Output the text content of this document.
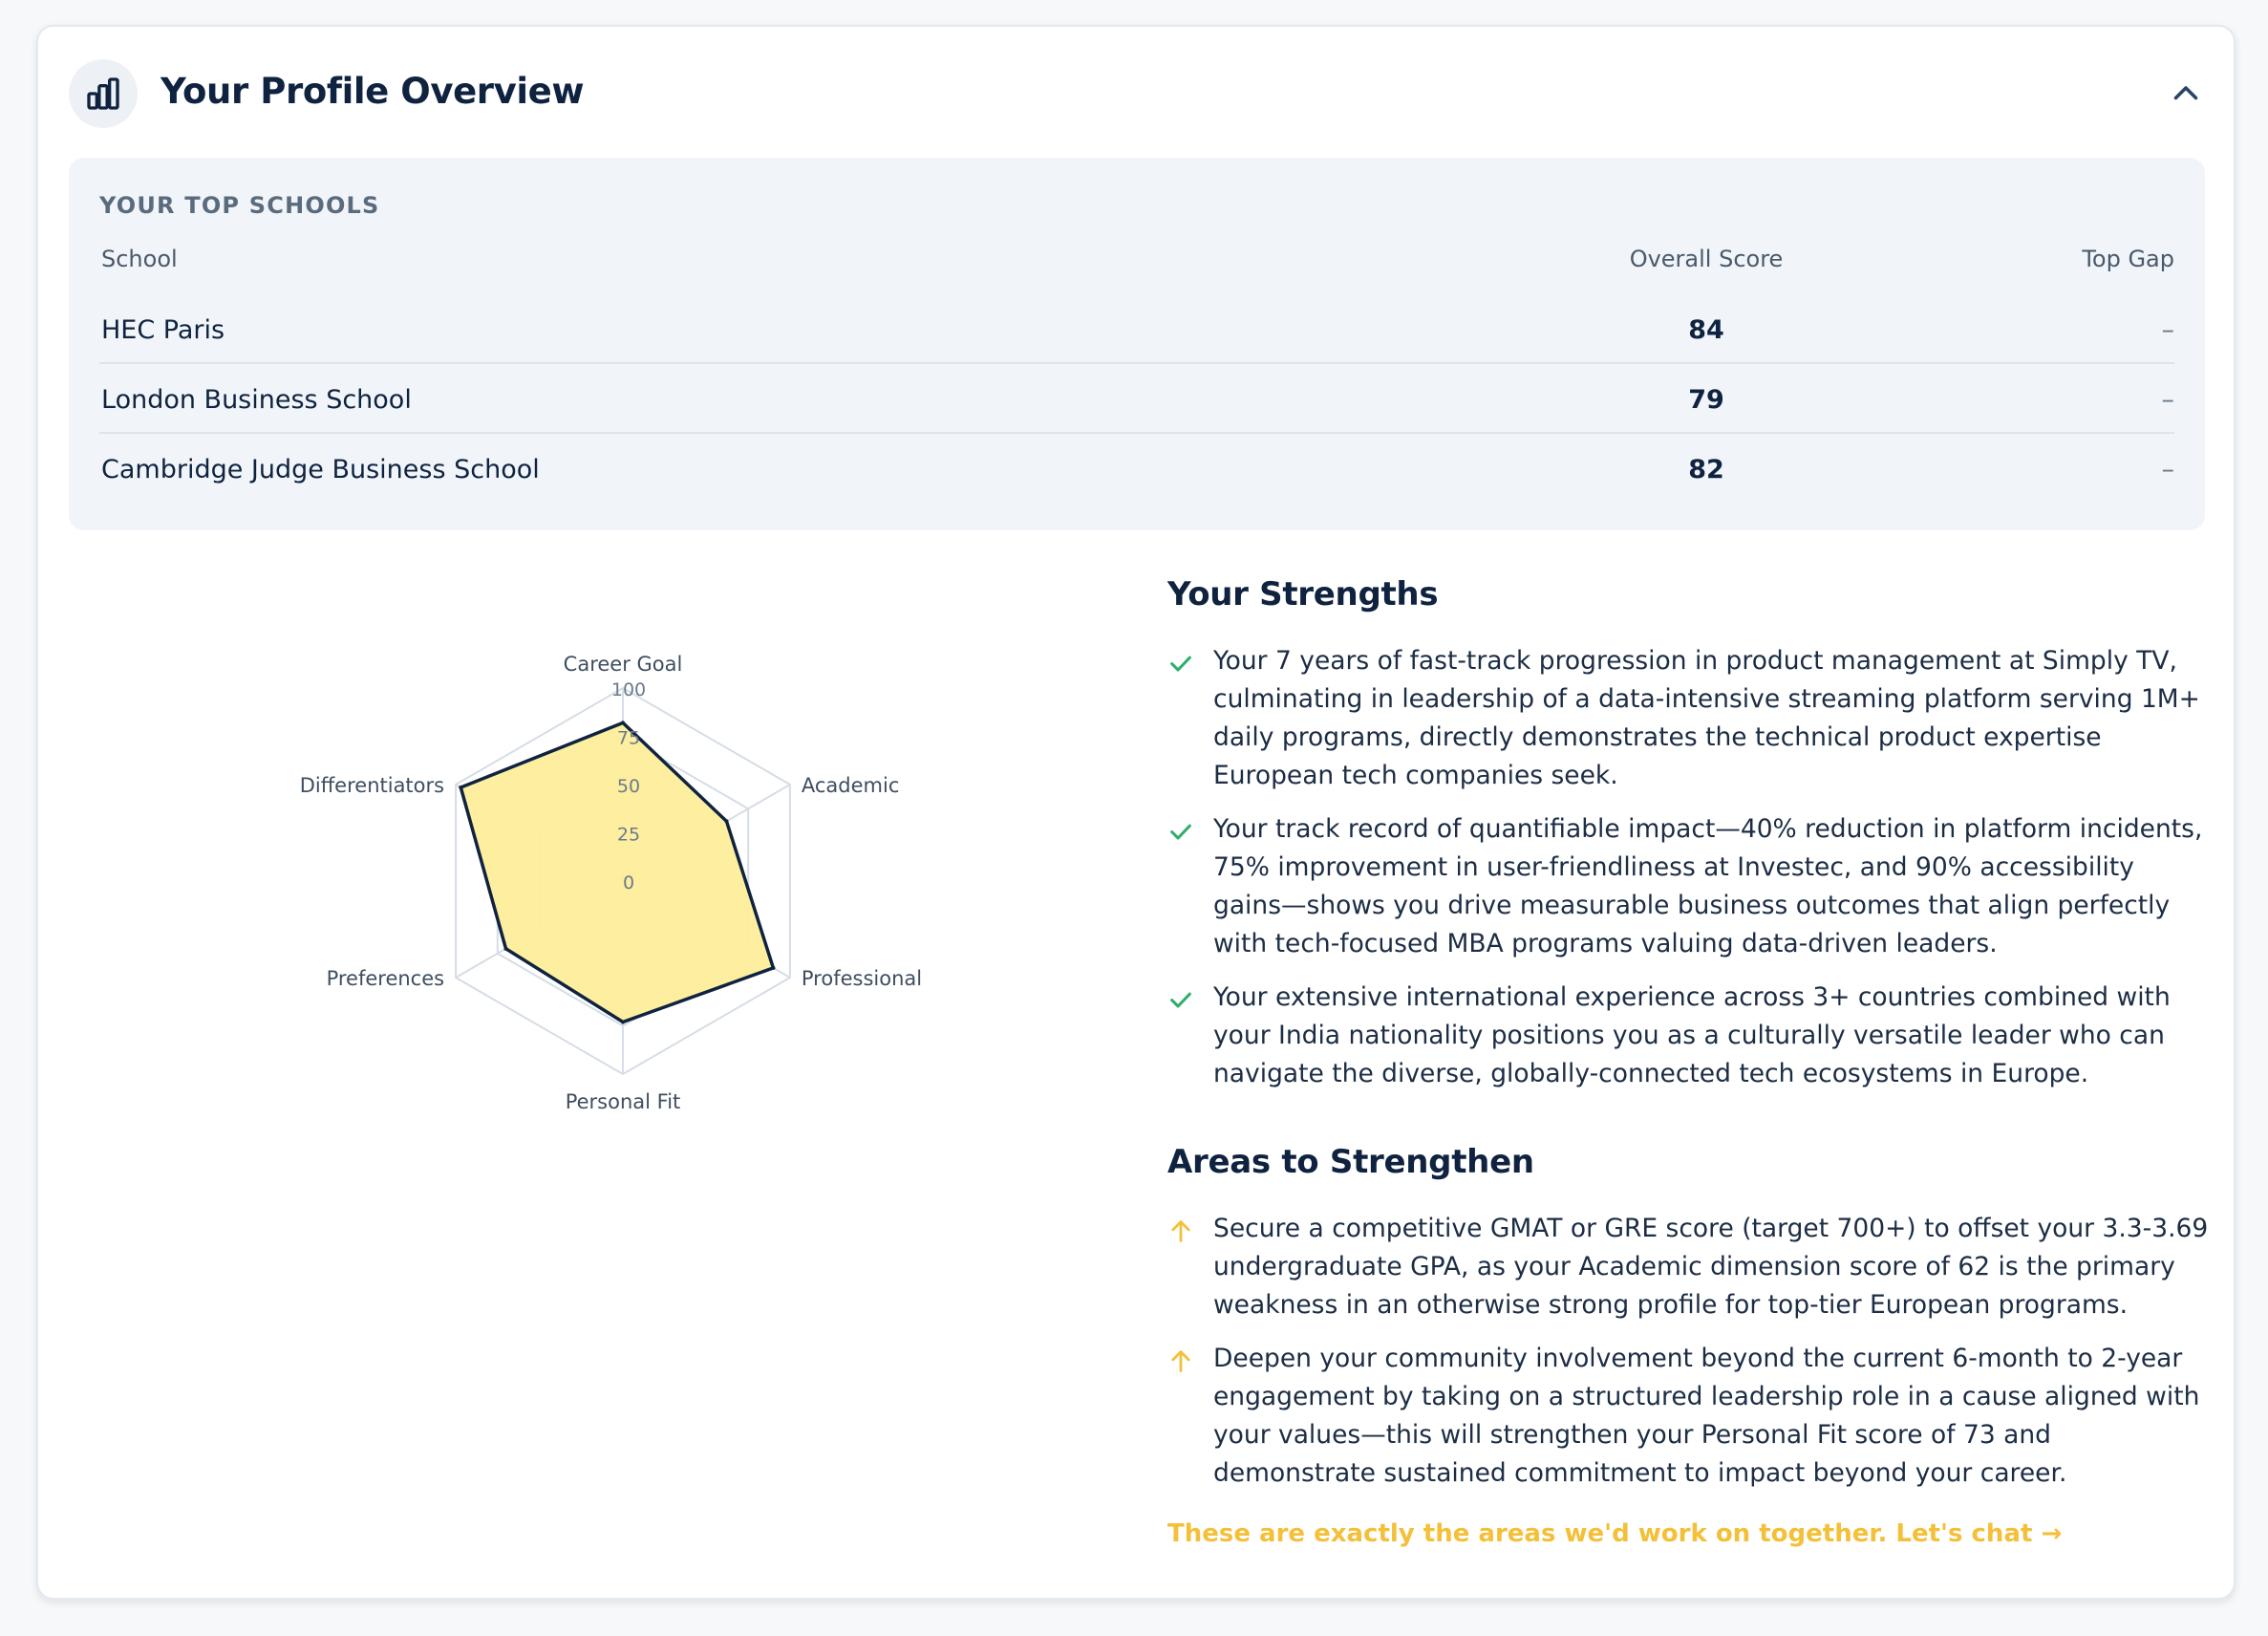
Your Profile Overview
YOUR TOP SCHOOLS
School	Overall Score	Top Gap
HEC Paris	84	–
London Business School	79	–
Cambridge Judge Business School	82	–
0
25
50
75
100
Career Goal
Academic
Professional
Personal Fit
Preferences
Differentiators
Your Strengths
Your 7 years of fast-track progression in product management at Simply TV, culminating in leadership of a data-intensive streaming platform serving 1M+ daily programs, directly demonstrates the technical product expertise European tech companies seek.
Your track record of quantifiable impact—40% reduction in platform incidents, 75% improvement in user-friendliness at Investec, and 90% accessibility gains—shows you drive measurable business outcomes that align perfectly with tech-focused MBA programs valuing data-driven leaders.
Your extensive international experience across 3+ countries combined with your India nationality positions you as a culturally versatile leader who can navigate the diverse, globally-connected tech ecosystems in Europe.
Areas to Strengthen
Secure a competitive GMAT or GRE score (target 700+) to offset your 3.3-3.69 undergraduate GPA, as your Academic dimension score of 62 is the primary weakness in an otherwise strong profile for top-tier European programs.
Deepen your community involvement beyond the current 6-month to 2-year engagement by taking on a structured leadership role in a cause aligned with your values—this will strengthen your Personal Fit score of 73 and demonstrate sustained commitment to impact beyond your career.
These are exactly the areas we'd work on together. Let's chat →
